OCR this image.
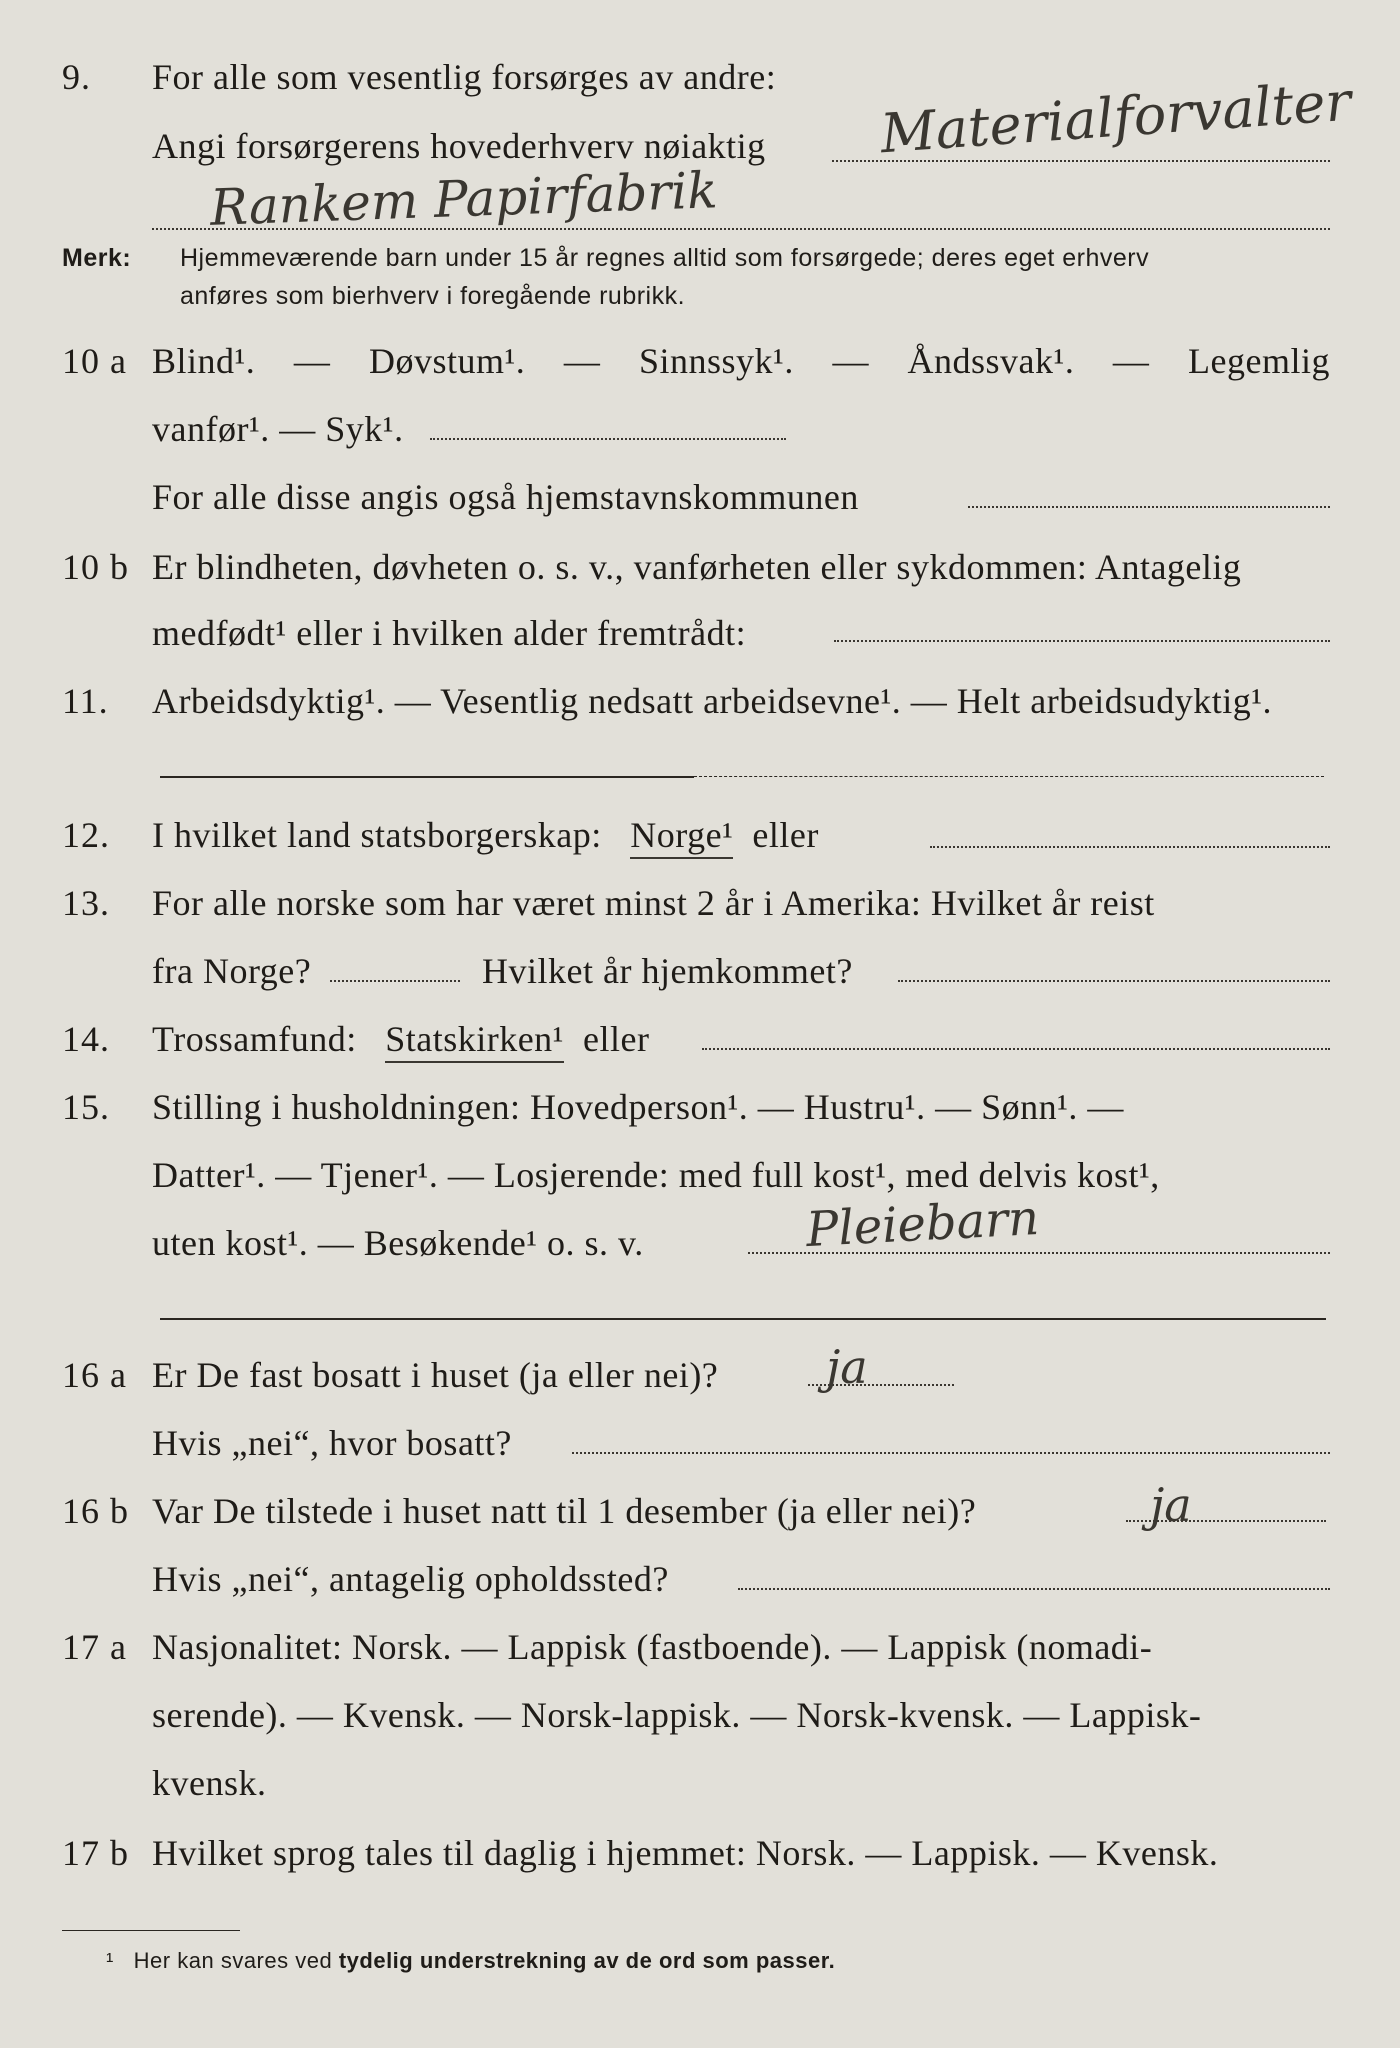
9. For alle som vesentlig forsørges av andre:
Angi forsørgerens hovederhverv nøiaktig Materialforvalter
Rankem Papirfabrik
Merk: Hjemmeværende barn under 15 år regnes alltid som forsørgede; deres eget erhverv
anføres som bierhverv i foregående rubrikk.
10 a Blind¹. — Døvstum¹. — Sinnssyk¹. — Åndssvak¹. — Legemlig
vanfør¹. — Syk¹.
For alle disse angis også hjemstavnskommunen
10 b Er blindheten, døvheten o. s. v., vanførheten eller sykdommen: Antagelig
medfødt¹ eller i hvilken alder fremtrådt:
11. Arbeidsdyktig¹. — Vesentlig nedsatt arbeidsevne¹. — Helt arbeidsudyktig¹.
12. I hvilket land statsborgerskap: Norge¹ eller
13. For alle norske som har været minst 2 år i Amerika: Hvilket år reist
fra Norge?	Hvilket år hjemkommet?
14. Trossamfund: Statskirken¹ eller
15. Stilling i husholdningen: Hovedperson¹. — Hustru¹. — Sønn¹. —
Datter¹. — Tjener¹. — Losjerende: med full kost¹, med delvis kost¹,
uten kost¹. — Besøkende¹ o. s. v.	Pleiebarn
16 a Er De fast bosatt i huset (ja eller nei)? ja
Hvis „nei“, hvor bosatt?
16 b Var De tilstede i huset natt til 1 desember (ja eller nei)?	ja
Hvis „nei“, antagelig opholdssted?
17 a Nasjonalitet: Norsk. — Lappisk (fastboende). — Lappisk (nomadi-
serende). — Kvensk. — Norsk-lappisk. — Norsk-kvensk. — Lappisk-
kvensk.
17 b Hvilket sprog tales til daglig i hjemmet: Norsk. — Lappisk. — Kvensk.
¹ Her kan svares ved tydelig understrekning av de ord som passer.
